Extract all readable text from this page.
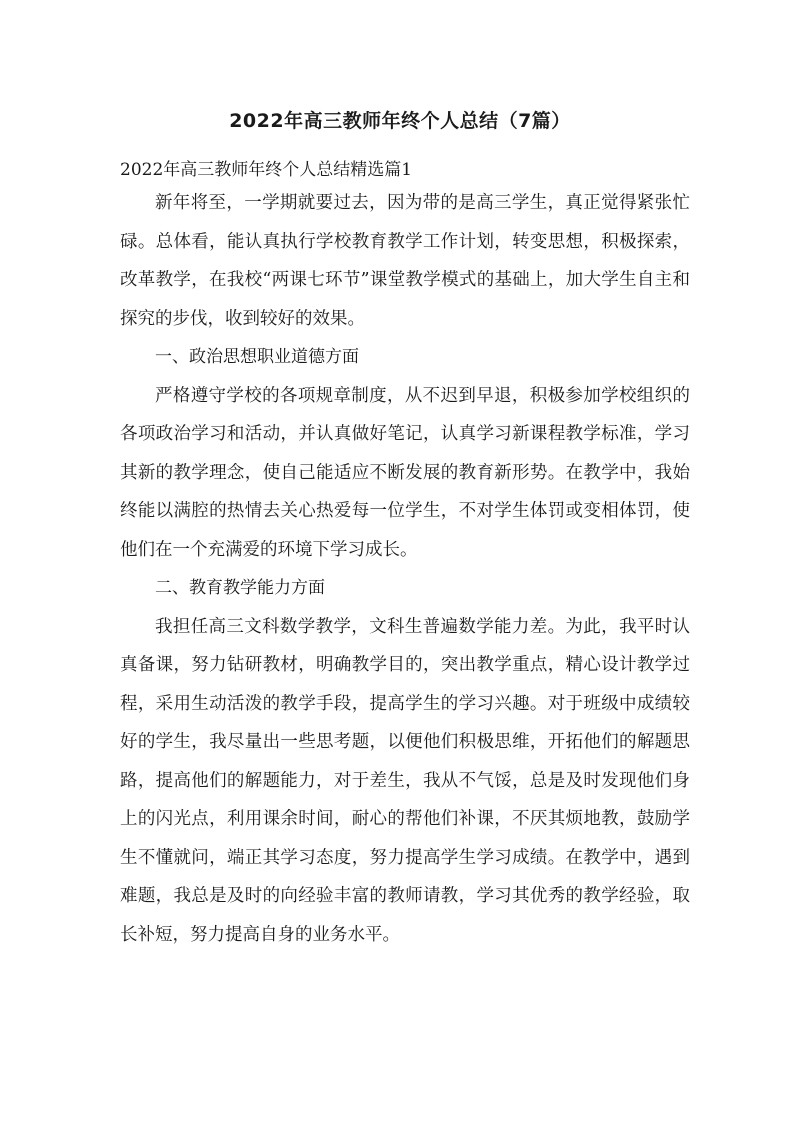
2022年高三教师年终个人总结（7篇）

2022年高三教师年终个人总结精选篇1

新年将至，一学期就要过去，因为带的是高三学生，真正觉得紧张忙碌。总体看，能认真执行学校教育教学工作计划，转变思想，积极探索，改革教学，在我校“两课七环节”课堂教学模式的基础上，加大学生自主和探究的步伐，收到较好的效果。

一、政治思想职业道德方面

严格遵守学校的各项规章制度，从不迟到早退，积极参加学校组织的各项政治学习和活动，并认真做好笔记，认真学习新课程教学标准，学习其新的教学理念，使自己能适应不断发展的教育新形势。在教学中，我始终能以满腔的热情去关心热爱每一位学生，不对学生体罚或变相体罚，使他们在一个充满爱的环境下学习成长。

二、教育教学能力方面

我担任高三文科数学教学，文科生普遍数学能力差。为此，我平时认真备课，努力钻研教材，明确教学目的，突出教学重点，精心设计教学过程，采用生动活泼的教学手段，提高学生的学习兴趣。对于班级中成绩较好的学生，我尽量出一些思考题，以便他们积极思维，开拓他们的解题思路，提高他们的解题能力，对于差生，我从不气馁，总是及时发现他们身上的闪光点，利用课余时间，耐心的帮他们补课，不厌其烦地教，鼓励学生不懂就问，端正其学习态度，努力提高学生学习成绩。在教学中，遇到难题，我总是及时的向经验丰富的教师请教，学习其优秀的教学经验，取长补短，努力提高自身的业务水平。
